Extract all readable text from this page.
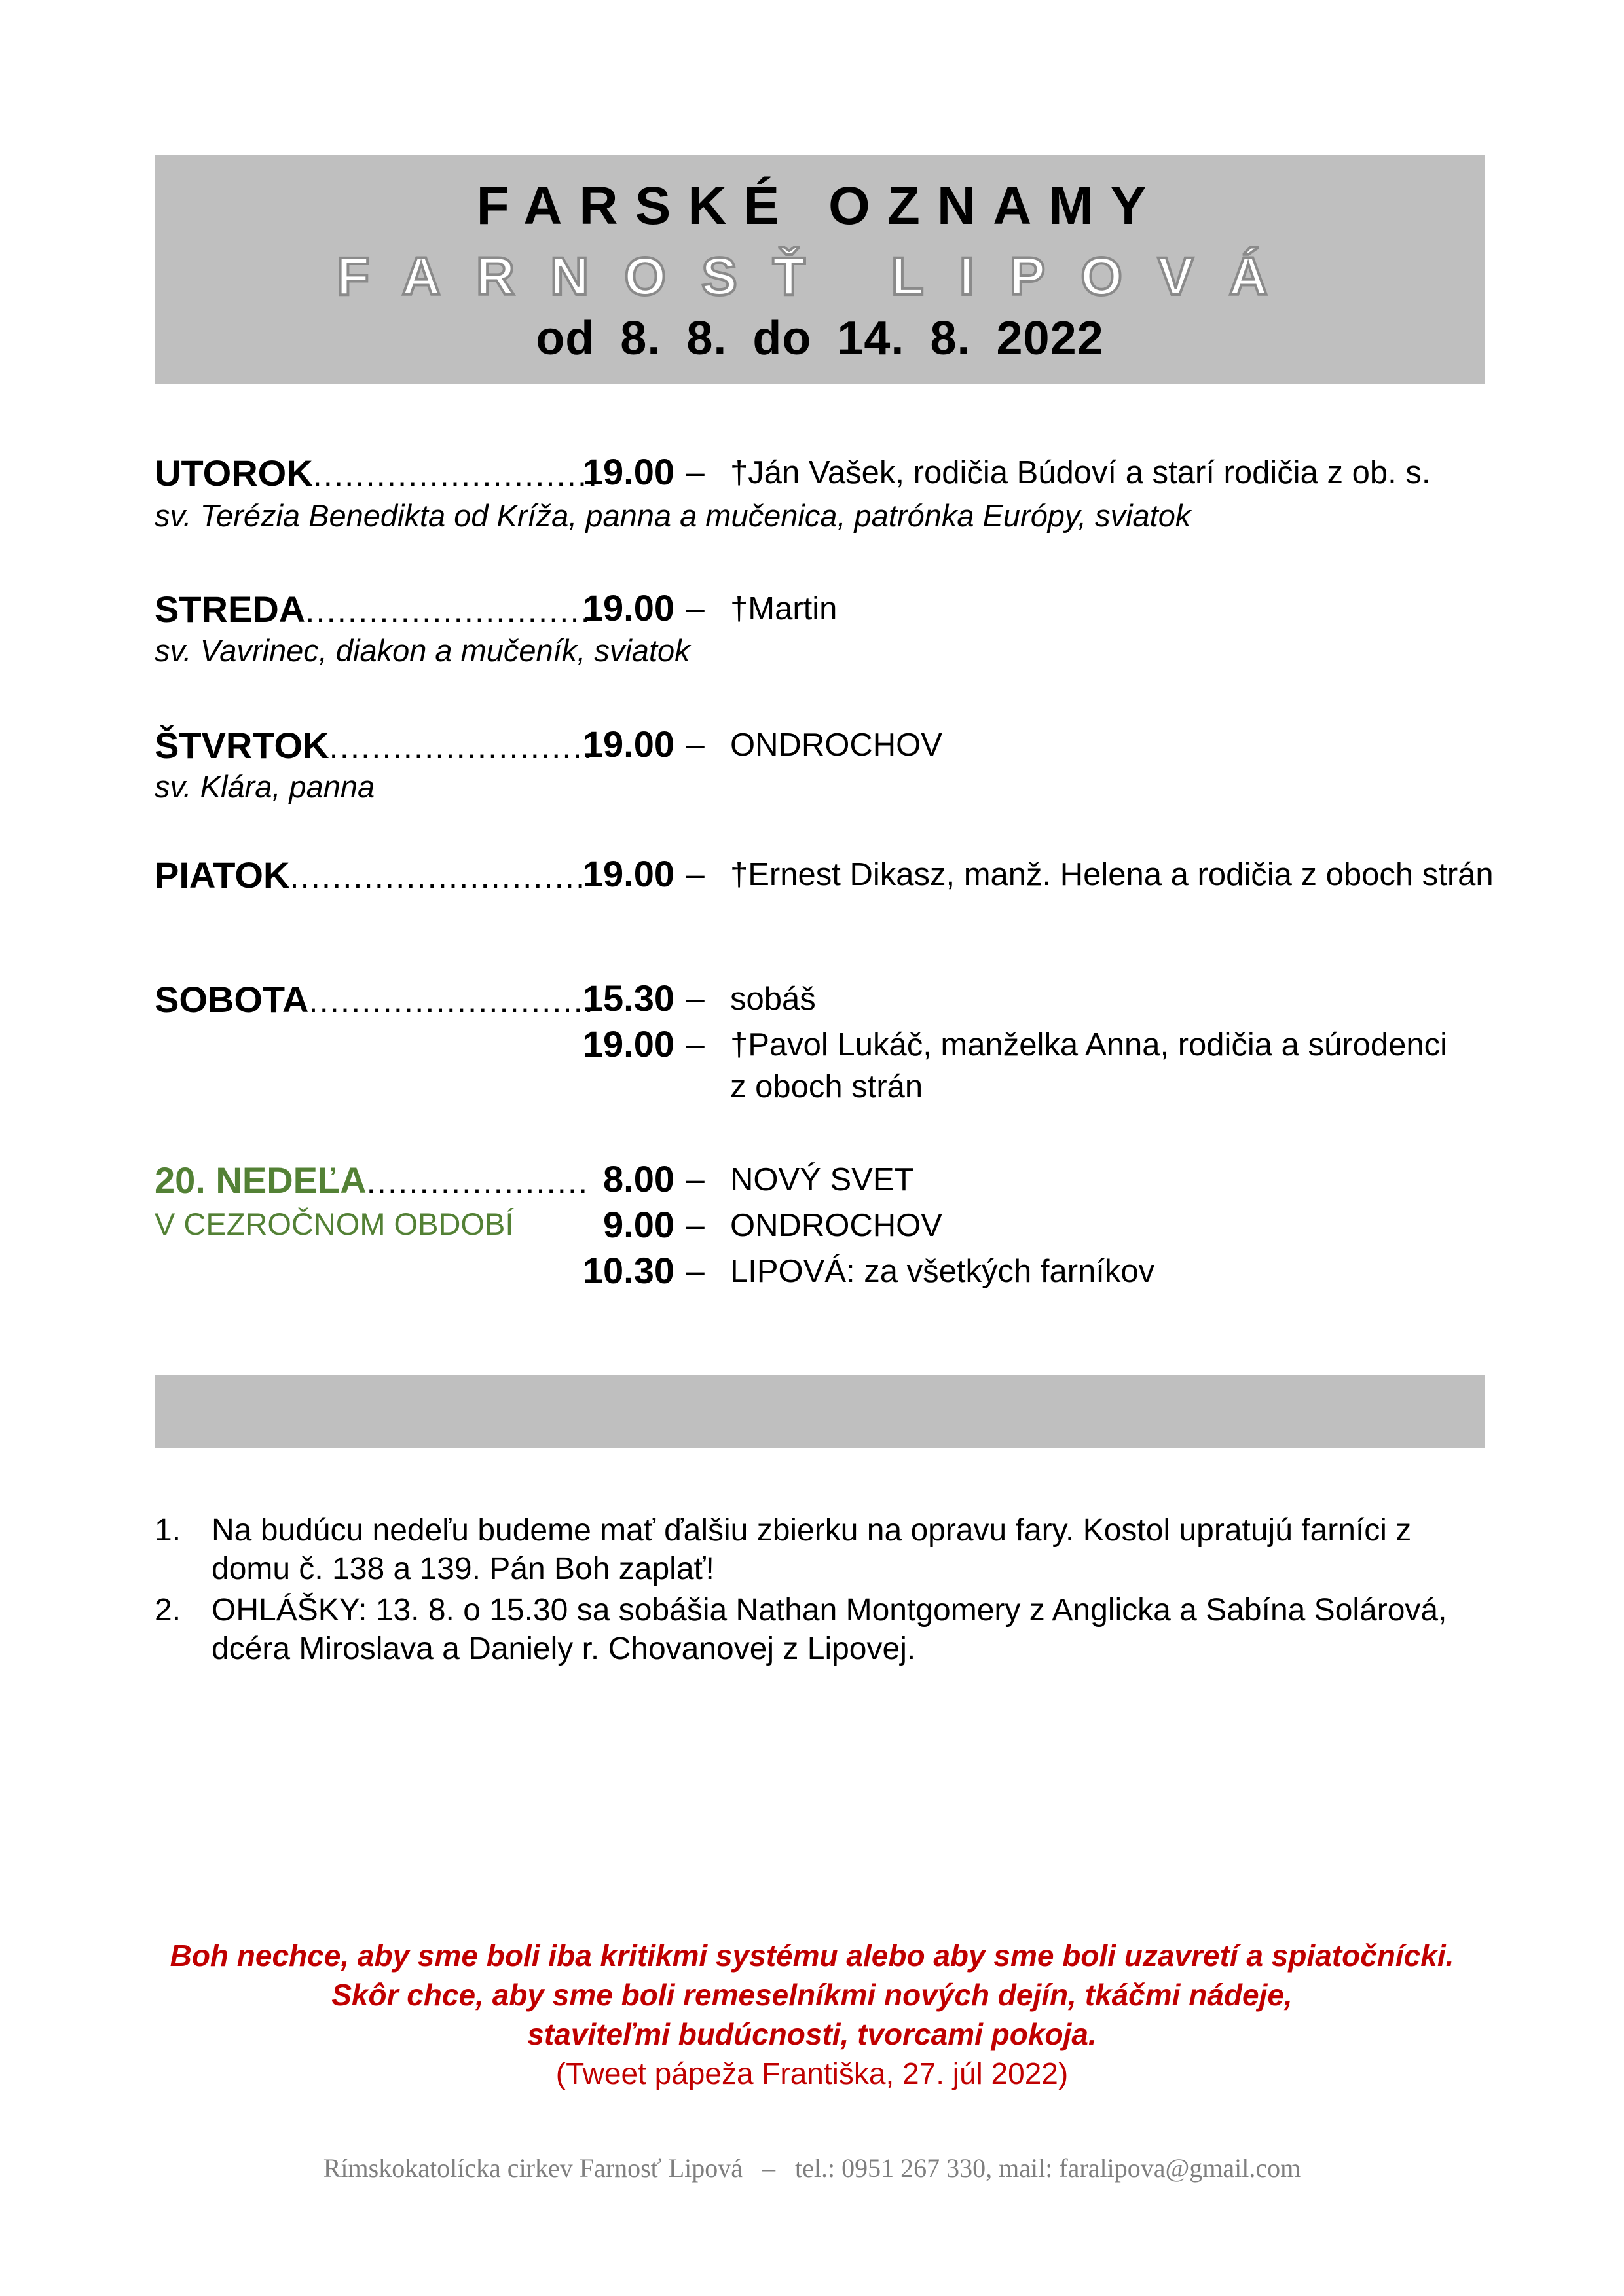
FARSKÉ OZNAMY
FARNOSŤ LIPOVÁ
od 8. 8. do 14. 8. 2022
UTOROK...........................
19.00 – †Ján Vašek, rodičia Búdoví a starí rodičia z ob. s.
sv. Terézia Benedikta od Kríža, panna a mučenica, patrónka Európy, sviatok
STREDA...........................
19.00 – †Martin
sv. Vavrinec, diakon a mučeník, sviatok
ŠTVRTOK.........................
19.00 – ONDROCHOV
sv. Klára, panna
PIATOK............................
19.00 – †Ernest Dikasz, manž. Helena a rodičia z oboch strán
SOBOTA...........................
15.30 – sobáš
19.00 – †Pavol Lukáč, manželka Anna, rodičia a súrodenci
z oboch strán
20. NEDEĽA..................... 8.00 – NOVÝ SVET
V CEZROČNOM OBDOBÍ	9.00 – ONDROCHOV
10.30 – LIPOVÁ: za všetkých farníkov
1. Na budúcu nedeľu budeme mať ďalšiu zbierku na opravu fary. Kostol upratujú farníci z domu č. 138 a 139. Pán Boh zaplať!
2. OHLÁŠKY: 13. 8. o 15.30 sa sobášia Nathan Montgomery z Anglicka a Sabína Solárová, dcéra Miroslava a Daniely r. Chovanovej z Lipovej.
Boh nechce, aby sme boli iba kritikmi systému alebo aby sme boli uzavretí a spiatočnícki.
Skôr chce, aby sme boli remeselníkmi nových dejín, tkáčmi nádeje,
staviteľmi budúcnosti, tvorcami pokoja.
(Tweet pápeža Františka, 27. júl 2022)
Rímskokatolícka cirkev Farnosť Lipová   –   tel.: 0951 267 330, mail: faralipova@gmail.com
